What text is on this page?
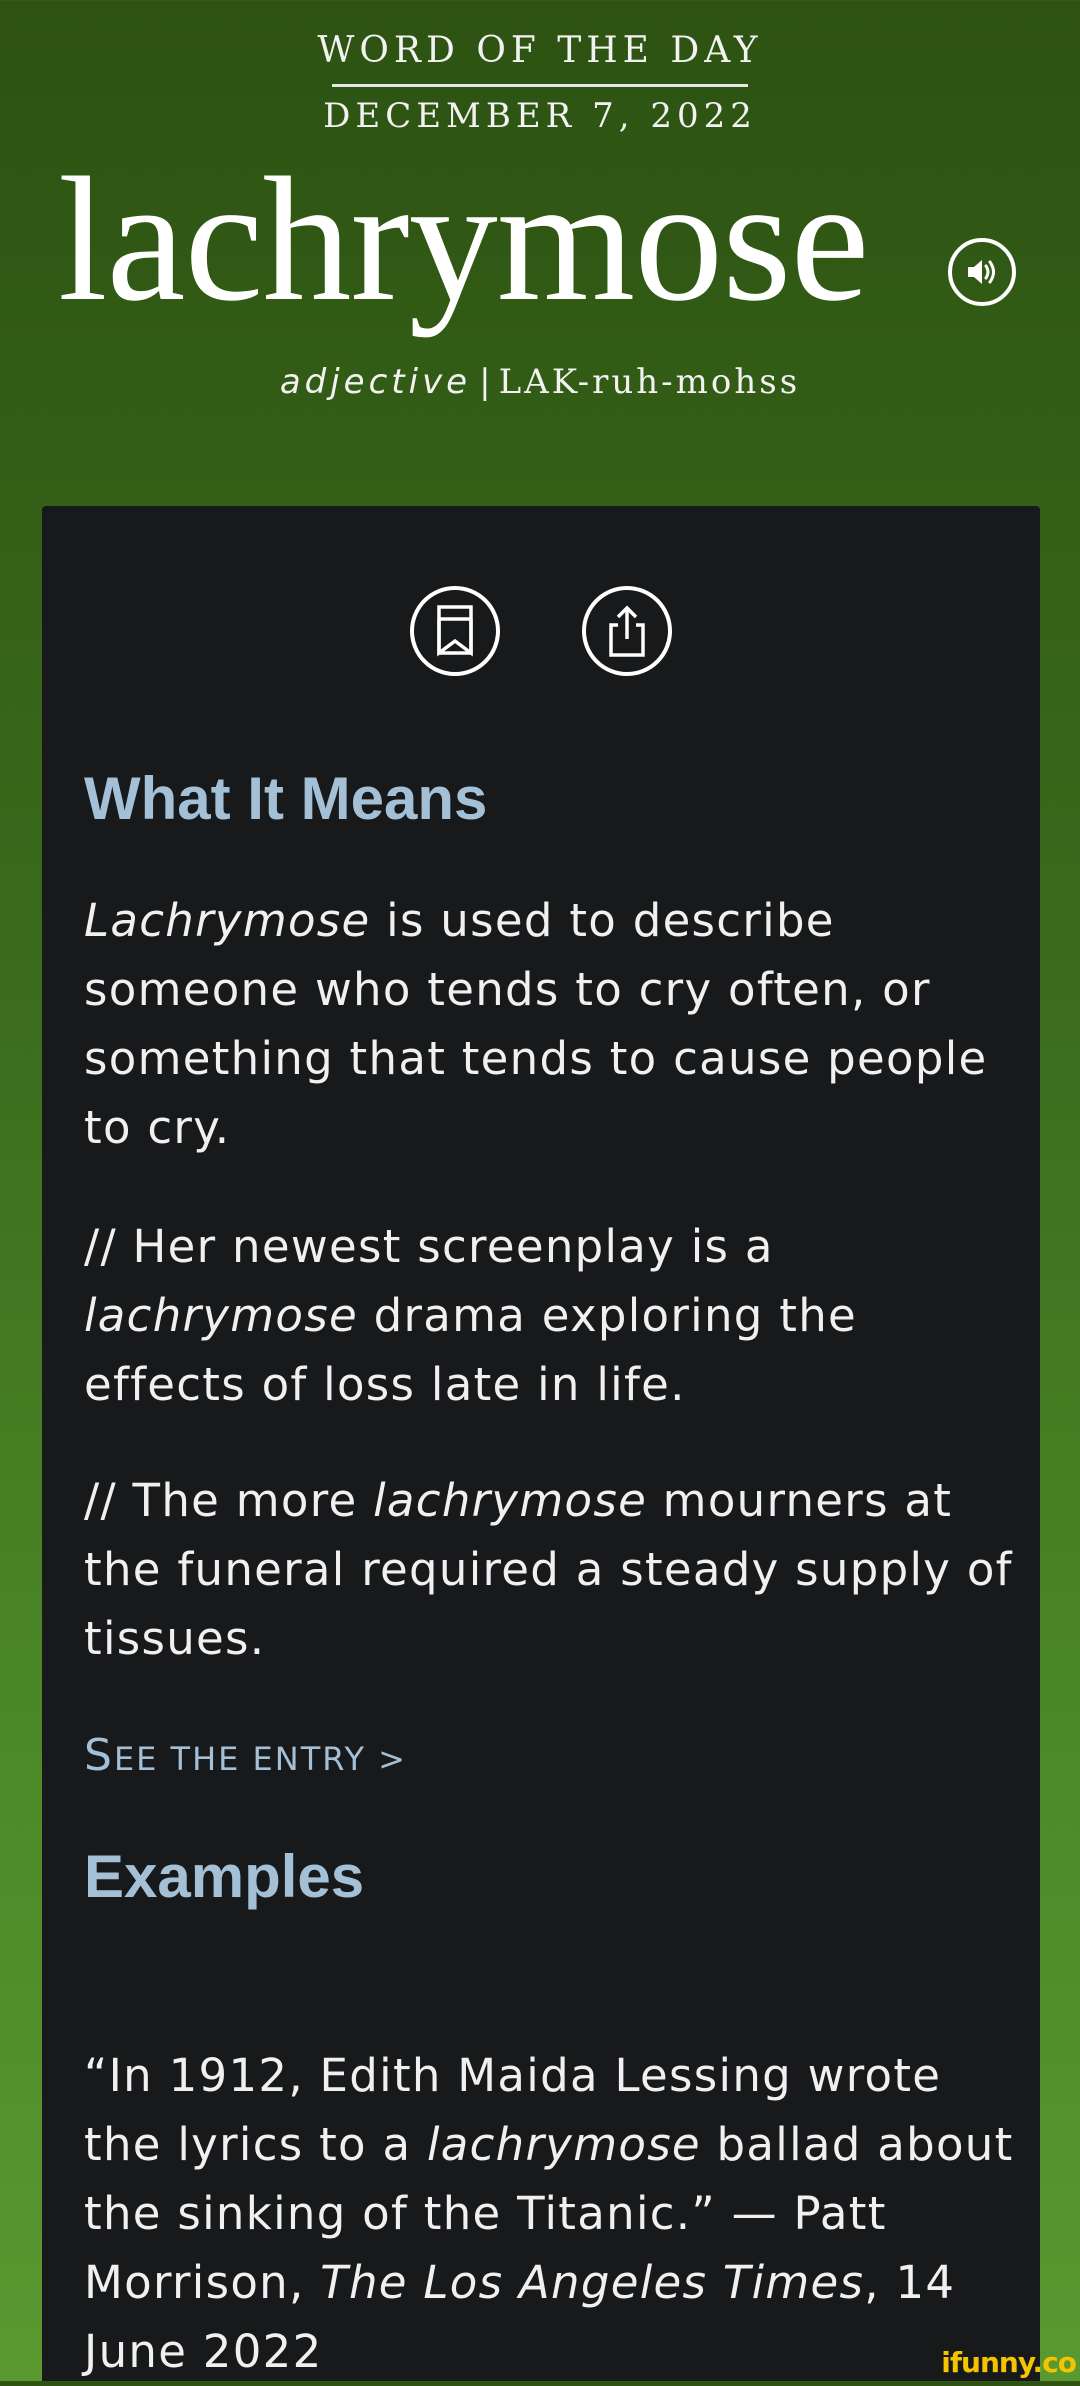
WORD OF THE DAY
DECEMBER 7, 2022
lachrymose
adjective | LAK-ruh-mohss
What It Means

Lachrymose is used to describe someone who tends to cry often, or something that tends to cause people to cry.

// Her newest screenplay is a lachrymose drama exploring the effects of loss late in life.

// The more lachrymose mourners at the funeral required a steady supply of tissues.

SEE THE ENTRY >
Examples

“In 1912, Edith Maida Lessing wrote the lyrics to a lachrymose ballad about the sinking of the Titanic.” — Patt Morrison, The Los Angeles Times, 14 June 2022	ifunny.co
